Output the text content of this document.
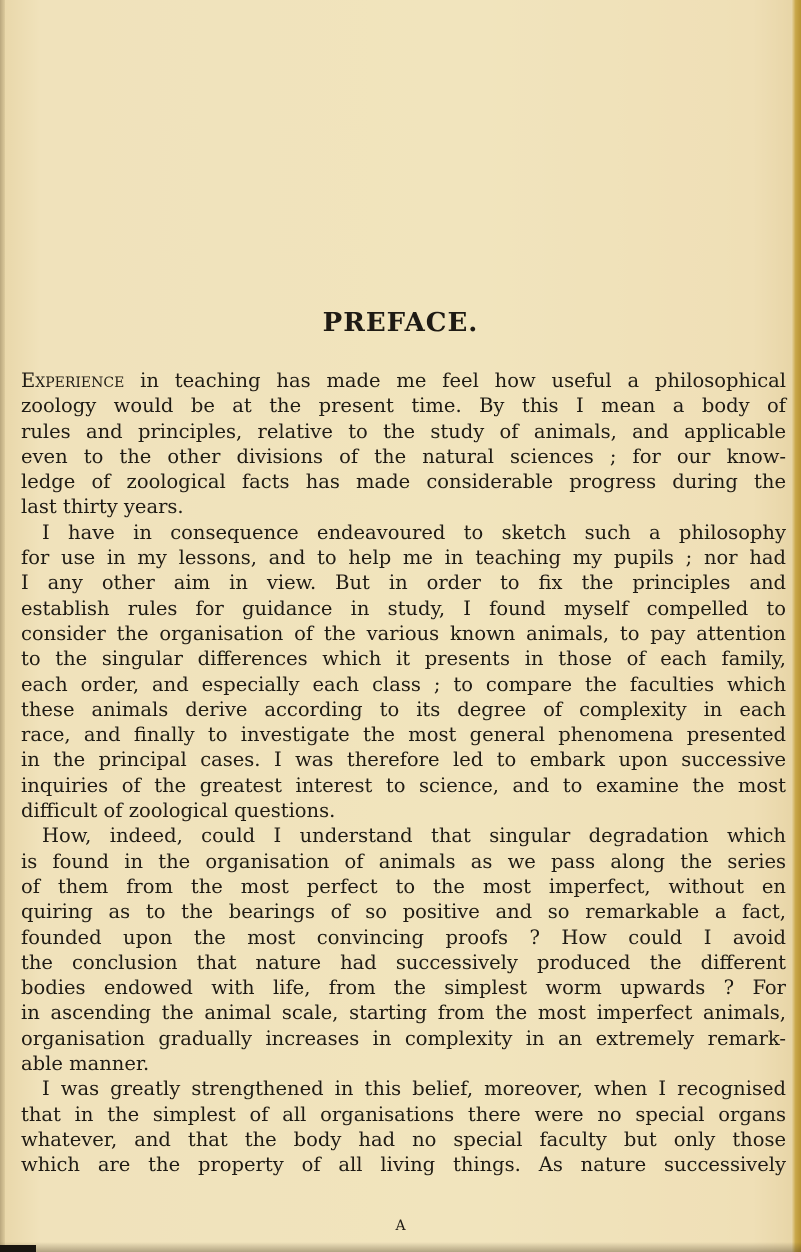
PREFACE.

Experience in teaching has made me feel how useful a philosophical
zoology would be at the present time. By this I mean a body of
rules and principles, relative to the study of animals, and applicable
even to the other divisions of the natural sciences ; for our know-
ledge of zoological facts has made considerable progress during the
last thirty years.

I have in consequence endeavoured to sketch such a philosophy
for use in my lessons, and to help me in teaching my pupils ; nor had
I any other aim in view. But in order to fix the principles and
establish rules for guidance in study, I found myself compelled to
consider the organisation of the various known animals, to pay attention
to the singular differences which it presents in those of each family,
each order, and especially each class ; to compare the faculties which
these animals derive according to its degree of complexity in each
race, and finally to investigate the most general phenomena presented
in the principal cases. I was therefore led to embark upon successive
inquiries of the greatest interest to science, and to examine the most
difficult of zoological questions.

How, indeed, could I understand that singular degradation which
is found in the organisation of animals as we pass along the series
of them from the most perfect to the most imperfect, without en
quiring as to the bearings of so positive and so remarkable a fact,
founded upon the most convincing proofs ? How could I avoid
the conclusion that nature had successively produced the different
bodies endowed with life, from the simplest worm upwards ? For
in ascending the animal scale, starting from the most imperfect animals,
organisation gradually increases in complexity in an extremely remark-
able manner.

I was greatly strengthened in this belief, moreover, when I recognised
that in the simplest of all organisations there were no special organs
whatever, and that the body had no special faculty but only those
which are the property of all living things. As nature successively

A
